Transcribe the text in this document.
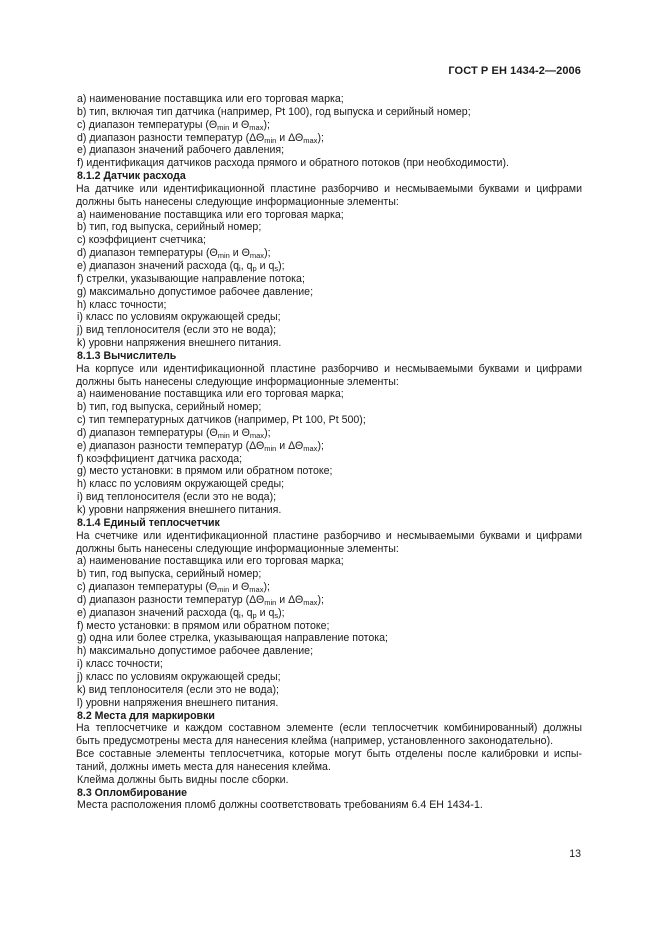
ГОСТ Р ЕН 1434-2—2006
a) наименование поставщика или его торговая марка;
b) тип, включая тип датчика (например, Pt 100), год выпуска и серийный номер;
c) диапазон температуры ($\Theta_{min}$ и $\Theta_{max}$);
d) диапазон разности температур ($\Delta\Theta_{min}$ и $\Delta\Theta_{max}$);
e) диапазон значений рабочего давления;
f) идентификация датчиков расхода прямого и обратного потоков (при необходимости).
8.1.2 Датчик расхода
На датчике или идентификационной пластине разборчиво и несмываемыми буквами и цифрами
должны быть нанесены следующие информационные элементы:
a) наименование поставщика или его торговая марка;
b) тип, год выпуска, серийный номер;
c) коэффициент счетчика;
d) диапазон температуры ($\Theta_{min}$ и $\Theta_{max}$);
e) диапазон значений расхода ($q_i$, $q_p$ и $q_s$);
f) стрелки, указывающие направление потока;
g) максимально допустимое рабочее давление;
h) класс точности;
i) класс по условиям окружающей среды;
j) вид теплоносителя (если это не вода);
k) уровни напряжения внешнего питания.
8.1.3 Вычислитель
На корпусе или идентификационной пластине разборчиво и несмываемыми буквами и цифрами
должны быть нанесены следующие информационные элементы:
a) наименование поставщика или его торговая марка;
b) тип, год выпуска, серийный номер;
c) тип температурных датчиков (например, Pt 100, Pt 500);
d) диапазон температуры ($\Theta_{min}$ и $\Theta_{max}$);
e) диапазон разности температур ($\Delta\Theta_{min}$ и $\Delta\Theta_{max}$);
f) коэффициент датчика расхода;
g) место установки: в прямом или обратном потоке;
h) класс по условиям окружающей среды;
i) вид теплоносителя (если это не вода);
k) уровни напряжения внешнего питания.
8.1.4 Единый теплосчетчик
На счетчике или идентификационной пластине разборчиво и несмываемыми буквами и цифрами
должны быть нанесены следующие информационные элементы:
a) наименование поставщика или его торговая марка;
b) тип, год выпуска, серийный номер;
c) диапазон температуры ($\Theta_{min}$ и $\Theta_{max}$);
d) диапазон разности температур ($\Delta\Theta_{min}$ и $\Delta\Theta_{max}$);
e) диапазон значений расхода ($q_i$, $q_p$ и $q_s$);
f) место установки: в прямом или обратном потоке;
g) одна или более стрелка, указывающая направление потока;
h) максимально допустимое рабочее давление;
i) класс точности;
j) класс по условиям окружающей среды;
k) вид теплоносителя (если это не вода);
l) уровни напряжения внешнего питания.
8.2 Места для маркировки
На теплосчетчике и каждом составном элементе (если теплосчетчик комбинированный) должны
быть предусмотрены места для нанесения клейма (например, установленного законодательно).
Все составные элементы теплосчетчика, которые могут быть отделены после калибровки и испы-
таний, должны иметь места для нанесения клейма.
Клейма должны быть видны после сборки.
8.3 Опломбирование
Места расположения пломб должны соответствовать требованиям 6.4 ЕН 1434-1.
13
